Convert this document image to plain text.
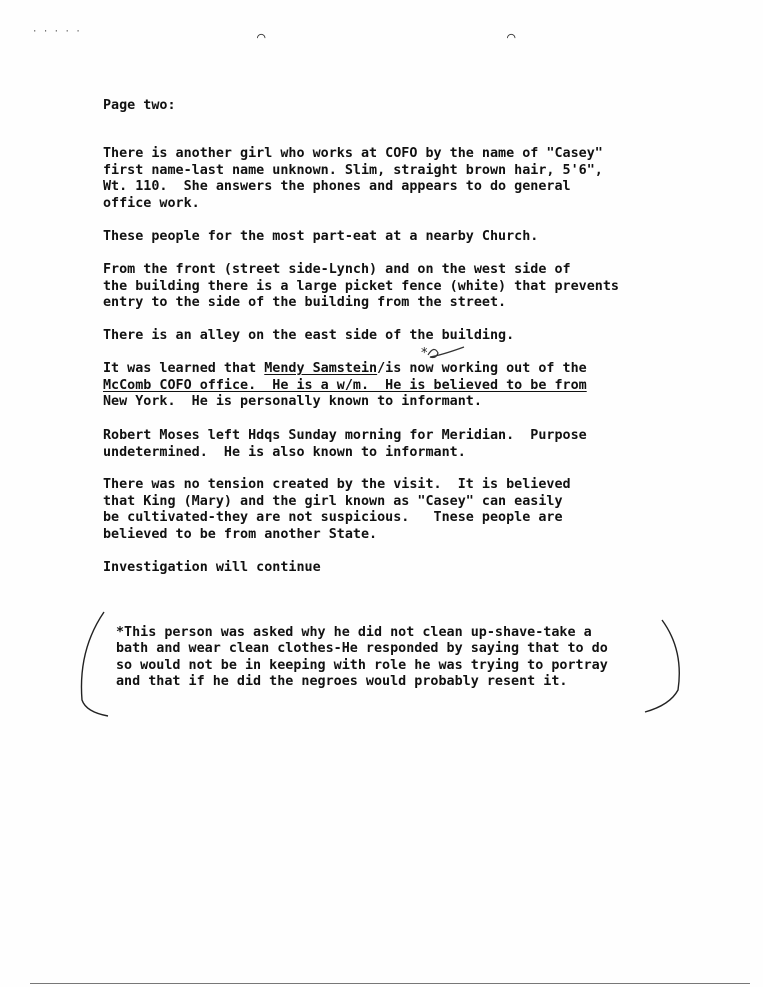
· · · · ·	⌒	⌒

Page two:

There is another girl who works at COFO by the name of "Casey"
first name-last name unknown. Slim, straight brown hair, 5'6",
Wt. 110.  She answers the phones and appears to do general
office work.

These people for the most part-eat at a nearby Church.

From the front (street side-Lynch) and on the west side of
the building there is a large picket fence (white) that prevents
entry to the side of the building from the street.

There is an alley on the east side of the building.

It was learned that Mendy Samstein/is now working out of the
McComb COFO office.  He is a w/m.  He is believed to be from
New York.  He is personally known to informant.

Robert Moses left Hdqs Sunday morning for Meridian.  Purpose
undetermined.  He is also known to informant.

There was no tension created by the visit.  It is believed
that King (Mary) and the girl known as "Casey" can easily
be cultivated-they are not suspicious.   Tnese people are
believed to be from another State.

Investigation will continue

*This person was asked why he did not clean up-shave-take a
bath and wear clean clothes-He responded by saying that to do
so would not be in keeping with role he was trying to portray
and that if he did the negroes would probably resent it.

*
